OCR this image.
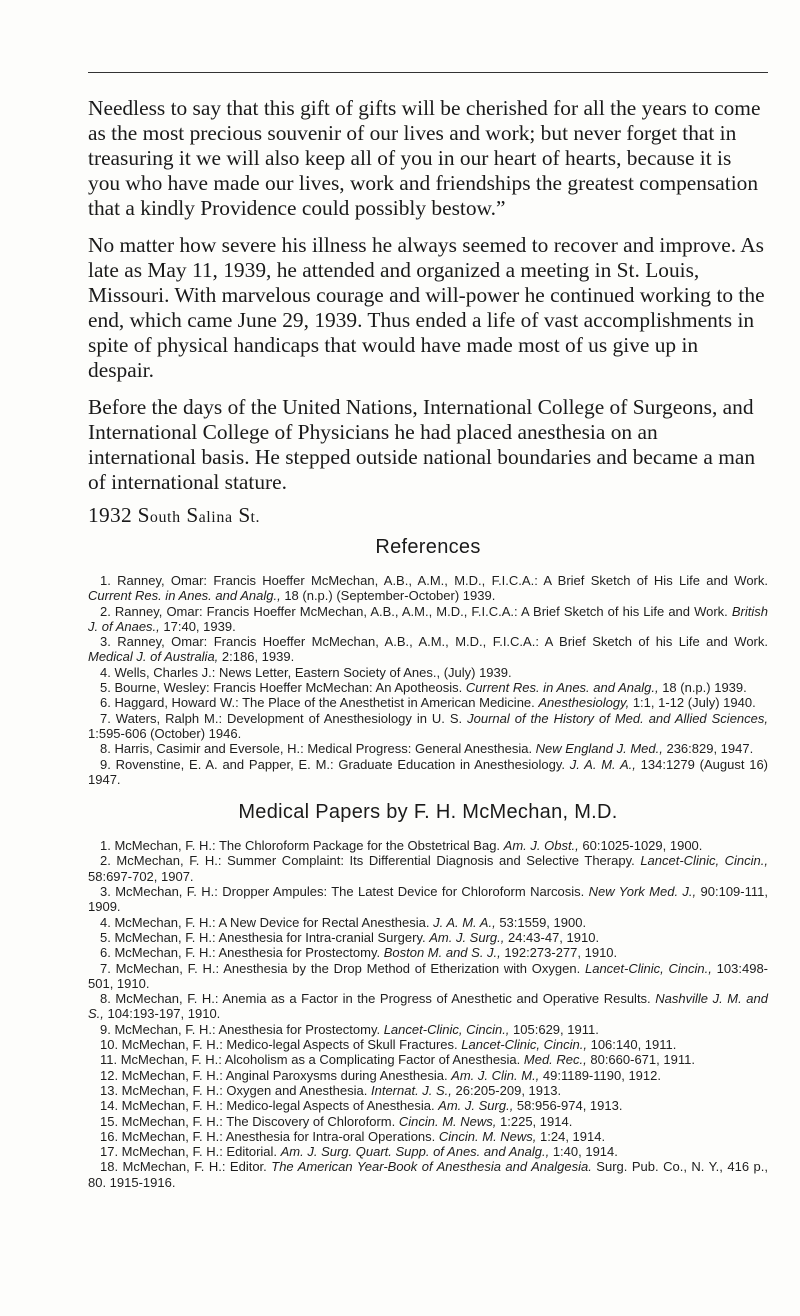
Needless to say that this gift of gifts will be cherished for all the years to come as the most precious souvenir of our lives and work; but never forget that in treasuring it we will also keep all of you in our heart of hearts, because it is you who have made our lives, work and friendships the greatest compensation that a kindly Providence could possibly bestow.”

No matter how severe his illness he always seemed to recover and improve. As late as May 11, 1939, he attended and organized a meeting in St. Louis, Missouri. With marvelous courage and will-power he continued working to the end, which came June 29, 1939. Thus ended a life of vast accomplishments in spite of physical handicaps that would have made most of us give up in despair.

Before the days of the United Nations, International College of Surgeons, and International College of Physicians he had placed anesthesia on an international basis. He stepped outside national boundaries and became a man of international stature.

1932 South Salina St.

References
1. Ranney, Omar: Francis Hoeffer McMechan, A.B., A.M., M.D., F.I.C.A.: A Brief Sketch of His Life and Work. Current Res. in Anes. and Analg., 18 (n.p.) (September-October) 1939.
2. Ranney, Omar: Francis Hoeffer McMechan, A.B., A.M., M.D., F.I.C.A.: A Brief Sketch of his Life and Work. British J. of Anaes., 17:40, 1939.
3. Ranney, Omar: Francis Hoeffer McMechan, A.B., A.M., M.D., F.I.C.A.: A Brief Sketch of his Life and Work. Medical J. of Australia, 2:186, 1939.
4. Wells, Charles J.: News Letter, Eastern Society of Anes., (July) 1939.
5. Bourne, Wesley: Francis Hoeffer McMechan: An Apotheosis. Current Res. in Anes. and Analg., 18 (n.p.) 1939.
6. Haggard, Howard W.: The Place of the Anesthetist in American Medicine. Anesthesiology, 1:1, 1-12 (July) 1940.
7. Waters, Ralph M.: Development of Anesthesiology in U. S. Journal of the History of Med. and Allied Sciences, 1:595-606 (October) 1946.
8. Harris, Casimir and Eversole, H.: Medical Progress: General Anesthesia. New England J. Med., 236:829, 1947.
9. Rovenstine, E. A. and Papper, E. M.: Graduate Education in Anesthesiology. J. A. M. A., 134:1279 (August 16) 1947.
Medical Papers by F. H. McMechan, M.D.
1. McMechan, F. H.: The Chloroform Package for the Obstetrical Bag. Am. J. Obst., 60:1025-1029, 1900.
2. McMechan, F. H.: Summer Complaint: Its Differential Diagnosis and Selective Therapy. Lancet-Clinic, Cincin., 58:697-702, 1907.
3. McMechan, F. H.: Dropper Ampules: The Latest Device for Chloroform Narcosis. New York Med. J., 90:109-111, 1909.
4. McMechan, F. H.: A New Device for Rectal Anesthesia. J. A. M. A., 53:1559, 1900.
5. McMechan, F. H.: Anesthesia for Intra-cranial Surgery. Am. J. Surg., 24:43-47, 1910.
6. McMechan, F. H.: Anesthesia for Prostectomy. Boston M. and S. J., 192:273-277, 1910.
7. McMechan, F. H.: Anesthesia by the Drop Method of Etherization with Oxygen. Lancet-Clinic, Cincin., 103:498-501, 1910.
8. McMechan, F. H.: Anemia as a Factor in the Progress of Anesthetic and Operative Results. Nashville J. M. and S., 104:193-197, 1910.
9. McMechan, F. H.: Anesthesia for Prostectomy. Lancet-Clinic, Cincin., 105:629, 1911.
10. McMechan, F. H.: Medico-legal Aspects of Skull Fractures. Lancet-Clinic, Cincin., 106:140, 1911.
11. McMechan, F. H.: Alcoholism as a Complicating Factor of Anesthesia. Med. Rec., 80:660-671, 1911.
12. McMechan, F. H.: Anginal Paroxysms during Anesthesia. Am. J. Clin. M., 49:1189-1190, 1912.
13. McMechan, F. H.: Oxygen and Anesthesia. Internat. J. S., 26:205-209, 1913.
14. McMechan, F. H.: Medico-legal Aspects of Anesthesia. Am. J. Surg., 58:956-974, 1913.
15. McMechan, F. H.: The Discovery of Chloroform. Cincin. M. News, 1:225, 1914.
16. McMechan, F. H.: Anesthesia for Intra-oral Operations. Cincin. M. News, 1:24, 1914.
17. McMechan, F. H.: Editorial. Am. J. Surg. Quart. Supp. of Anes. and Analg., 1:40, 1914.
18. McMechan, F. H.: Editor. The American Year-Book of Anesthesia and Analgesia. Surg. Pub. Co., N. Y., 416 p., 80. 1915-1916.
